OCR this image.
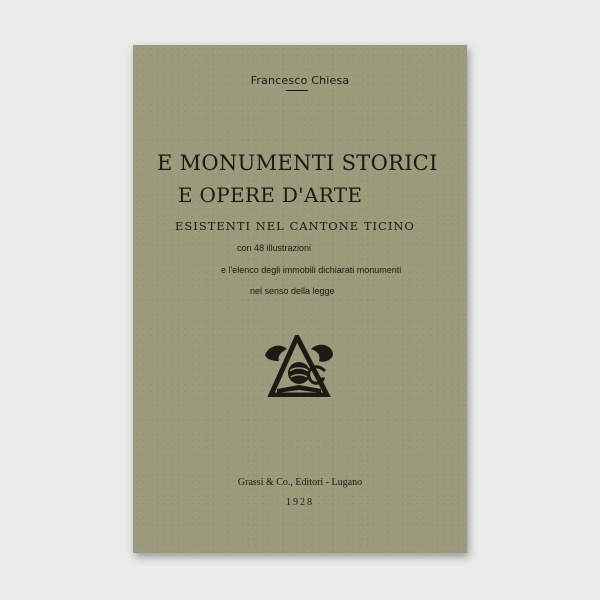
Francesco Chiesa
E MONUMENTI STORICI
E OPERE D'ARTE
ESISTENTI NEL CANTONE TICINO
con 48 illustrazioni
e l'elenco degli immobili dichiarati monumenti
nel senso della legge
Grassi & Co., Editori - Lugano
1928
